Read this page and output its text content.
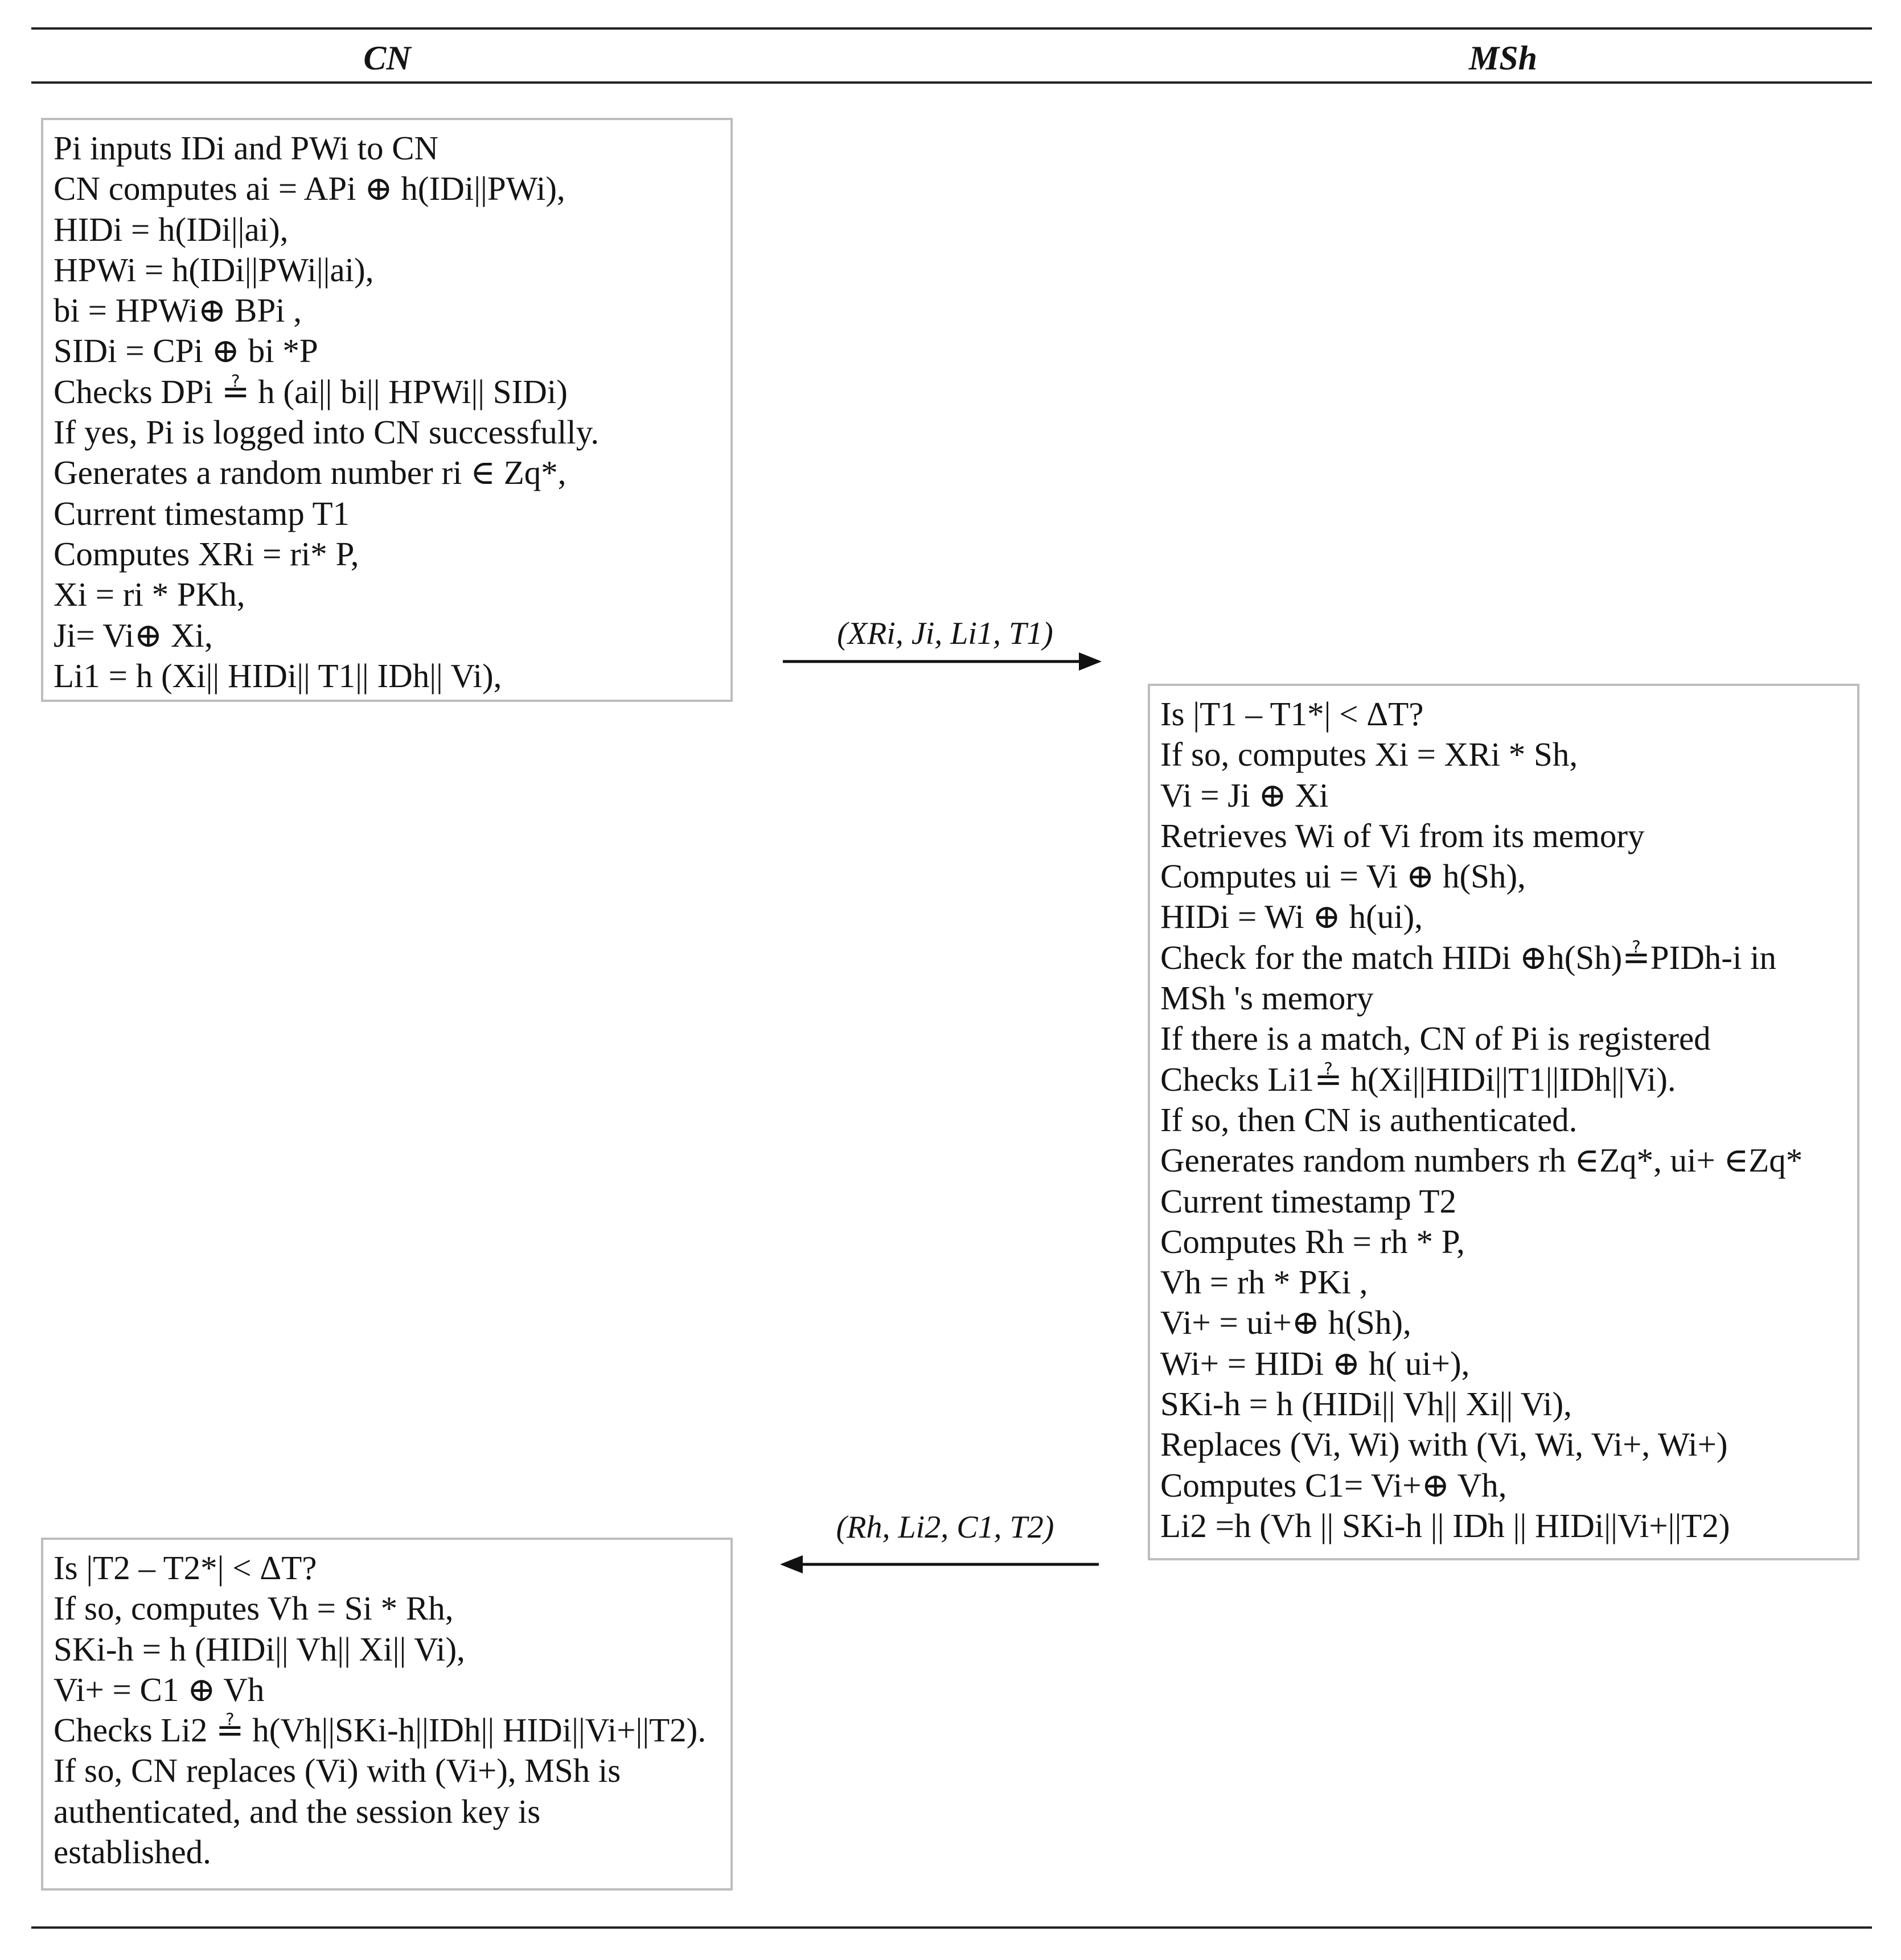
CN	MSh
Pi inputs IDi and PWi to CN
CN computes ai = APi ⊕ h(IDi||PWi),
HIDi = h(IDi||ai),
HPWi = h(IDi||PWi||ai),
bi = HPWi⊕ BPi ,
SIDi = CPi ⊕ bi *P
Checks DPi ≟ h (ai|| bi|| HPWi|| SIDi)
If yes, Pi is logged into CN successfully.
Generates a random number ri ∈ Zq*,
Current timestamp T1
Computes XRi = ri* P,
Xi = ri * PKh,
Ji= Vi⊕ Xi,
Li1 = h (Xi|| HIDi|| T1|| IDh|| Vi),
(XRi, Ji, Li1, T1)
Is |T1 – T1*| < ΔT?
If so, computes Xi = XRi * Sh,
Vi = Ji ⊕ Xi
Retrieves Wi of Vi from its memory
Computes ui = Vi ⊕ h(Sh),
HIDi = Wi ⊕ h(ui),
Check for the match HIDi ⊕h(Sh)≟PIDh-i in
MSh 's memory
If there is a match, CN of Pi is registered
Checks Li1≟ h(Xi||HIDi||T1||IDh||Vi).
If so, then CN is authenticated.
Generates random numbers rh ∈Zq*, ui+ ∈Zq*
Current timestamp T2
Computes Rh = rh * P,
Vh = rh * PKi ,
Vi+ = ui+⊕ h(Sh),
Wi+ = HIDi ⊕ h( ui+),
SKi-h = h (HIDi|| Vh|| Xi|| Vi),
Replaces (Vi, Wi) with (Vi, Wi, Vi+, Wi+)
Computes C1= Vi+⊕ Vh,
Li2 =h (Vh || SKi-h || IDh || HIDi||Vi+||T2)
(Rh, Li2, C1, T2)
Is |T2 – T2*| < ΔT?
If so, computes Vh = Si * Rh,
SKi-h = h (HIDi|| Vh|| Xi|| Vi),
Vi+ = C1 ⊕ Vh
Checks Li2 ≟ h(Vh||SKi-h||IDh|| HIDi||Vi+||T2).
If so, CN replaces (Vi) with (Vi+), MSh is
authenticated, and the session key is
established.
